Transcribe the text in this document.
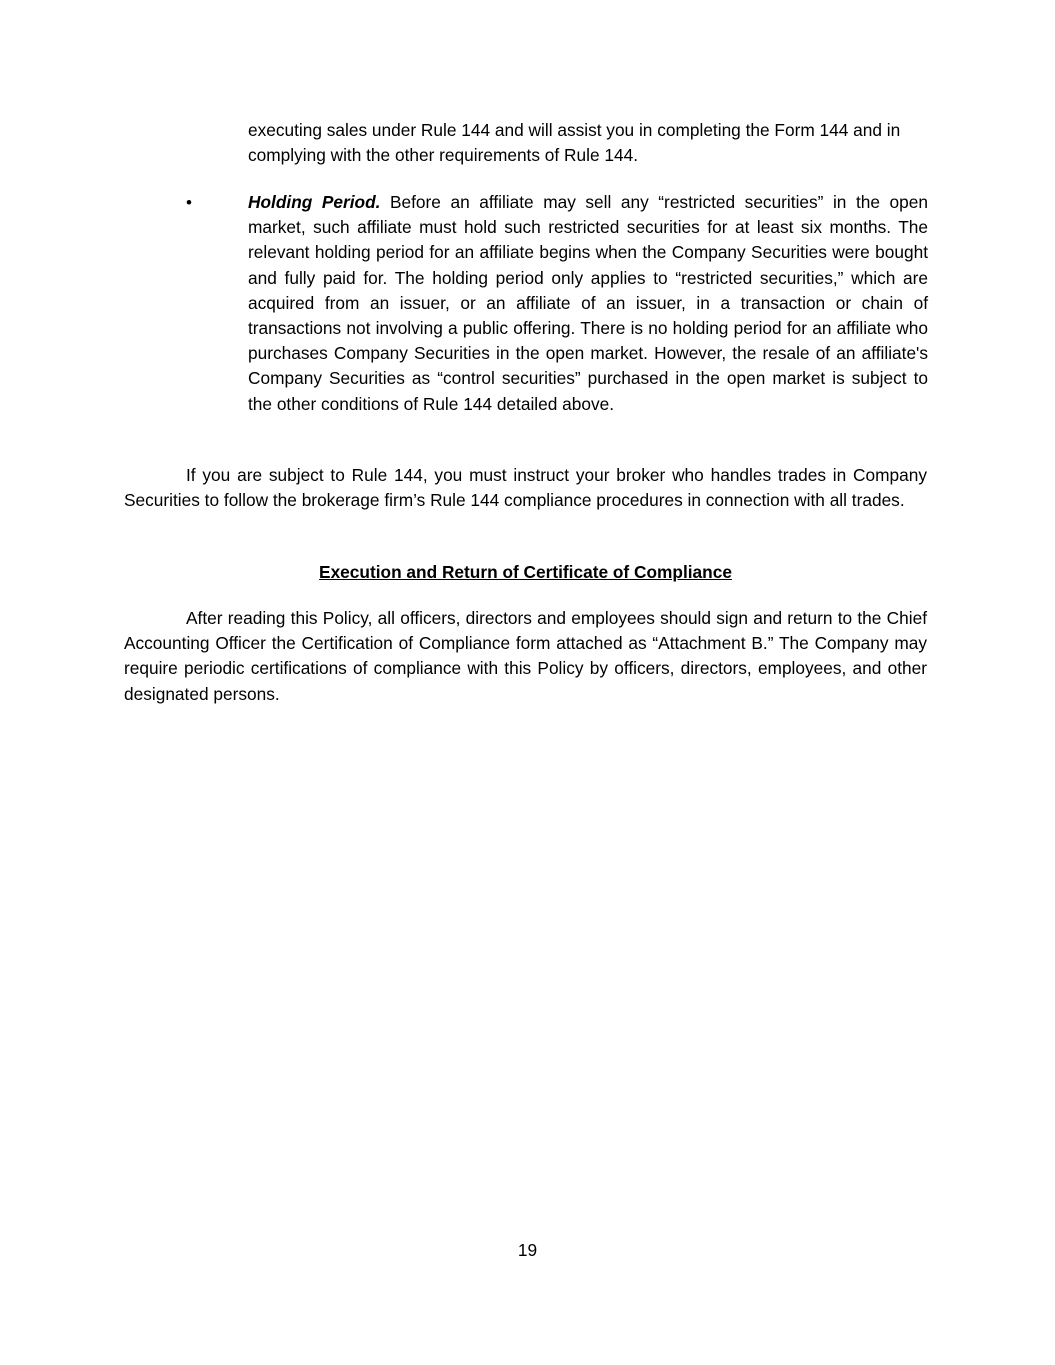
executing sales under Rule 144 and will assist you in completing the Form 144 and in complying with the other requirements of Rule 144.

•	Holding Period. Before an affiliate may sell any “restricted securities” in the open market, such affiliate must hold such restricted securities for at least six months. The relevant holding period for an affiliate begins when the Company Securities were bought and fully paid for. The holding period only applies to “restricted securities,” which are acquired from an issuer, or an affiliate of an issuer, in a transaction or chain of transactions not involving a public offering. There is no holding period for an affiliate who purchases Company Securities in the open market. However, the resale of an affiliate's Company Securities as “control securities” purchased in the open market is subject to the other conditions of Rule 144 detailed above.

If you are subject to Rule 144, you must instruct your broker who handles trades in Company Securities to follow the brokerage firm’s Rule 144 compliance procedures in connection with all trades.

Execution and Return of Certificate of Compliance

After reading this Policy, all officers, directors and employees should sign and return to the Chief Accounting Officer the Certification of Compliance form attached as “Attachment B.” The Company may require periodic certifications of compliance with this Policy by officers, directors, employees, and other designated persons.

19
